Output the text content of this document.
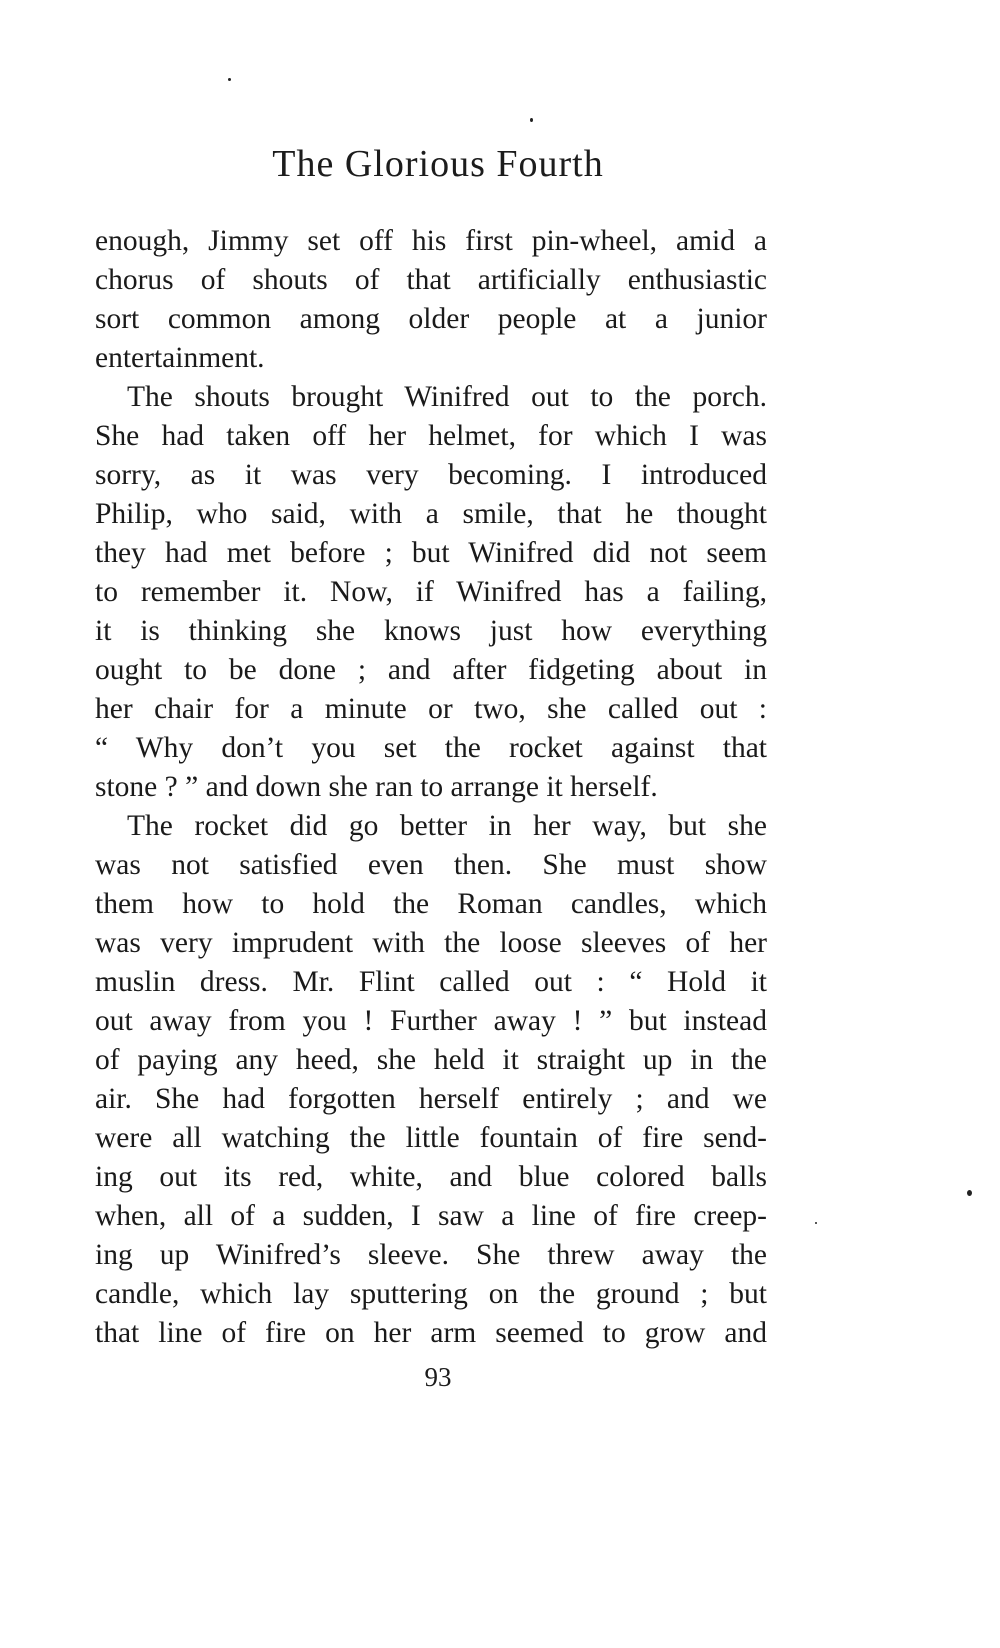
The Glorious Fourth
enough, Jimmy set off his first pin-wheel, amid a
chorus of shouts of that artificially enthusiastic
sort common among older people at a junior
entertainment.
The shouts brought Winifred out to the porch.
She had taken off her helmet, for which I was
sorry, as it was very becoming. I introduced
Philip, who said, with a smile, that he thought
they had met before ; but Winifred did not seem
to remember it. Now, if Winifred has a failing,
it is thinking she knows just how everything
ought to be done ; and after fidgeting about in
her chair for a minute or two, she called out :
“ Why don’t you set the rocket against that
stone ? ” and down she ran to arrange it herself.
The rocket did go better in her way, but she
was not satisfied even then. She must show
them how to hold the Roman candles, which
was very imprudent with the loose sleeves of her
muslin dress. Mr. Flint called out : “ Hold it
out away from you ! Further away ! ” but instead
of paying any heed, she held it straight up in the
air. She had forgotten herself entirely ; and we
were all watching the little fountain of fire send-
ing out its red, white, and blue colored balls
when, all of a sudden, I saw a line of fire creep-
ing up Winifred’s sleeve. She threw away the
candle, which lay sputtering on the ground ; but
that line of fire on her arm seemed to grow and
93
